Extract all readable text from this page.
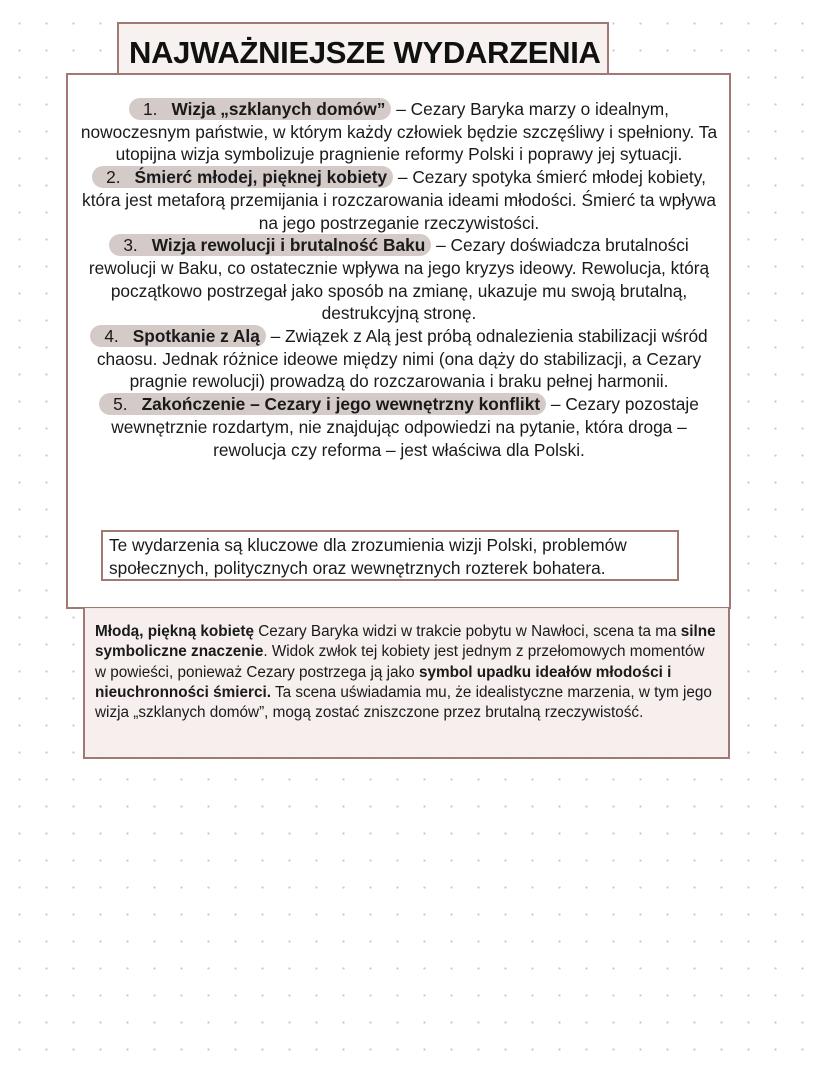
NAJWAŻNIEJSZE WYDARZENIA

1. Wizja „szklanych domów” – Cezary Baryka marzy o idealnym, nowoczesnym państwie, w którym każdy człowiek będzie szczęśliwy i spełniony. Ta utopijna wizja symbolizuje pragnienie reformy Polski i poprawy jej sytuacji.

2. Śmierć młodej, pięknej kobiety – Cezary spotyka śmierć młodej kobiety, która jest metaforą przemijania i rozczarowania ideami młodości. Śmierć ta wpływa na jego postrzeganie rzeczywistości.

3. Wizja rewolucji i brutalność Baku – Cezary doświadcza brutalności rewolucji w Baku, co ostatecznie wpływa na jego kryzys ideowy. Rewolucja, którą początkowo postrzegał jako sposób na zmianę, ukazuje mu swoją brutalną, destrukcyjną stronę.

4. Spotkanie z Alą – Związek z Alą jest próbą odnalezienia stabilizacji wśród chaosu. Jednak różnice ideowe między nimi (ona dąży do stabilizacji, a Cezary pragnie rewolucji) prowadzą do rozczarowania i braku pełnej harmonii.

5. Zakończenie – Cezary i jego wewnętrzny konflikt – Cezary pozostaje wewnętrznie rozdartym, nie znajdując odpowiedzi na pytanie, która droga – rewolucja czy reforma – jest właściwa dla Polski.

Te wydarzenia są kluczowe dla zrozumienia wizji Polski, problemów społecznych, politycznych oraz wewnętrznych rozterek bohatera.
Młodą, piękną kobietę Cezary Baryka widzi w trakcie pobytu w Nawłoci, scena ta ma silne symboliczne znaczenie. Widok zwłok tej kobiety jest jednym z przełomowych momentów w powieści, ponieważ Cezary postrzega ją jako symbol upadku ideałów młodości i nieuchronności śmierci. Ta scena uświadamia mu, że idealistyczne marzenia, w tym jego wizja „szklanych domów”, mogą zostać zniszczone przez brutalną rzeczywistość.
